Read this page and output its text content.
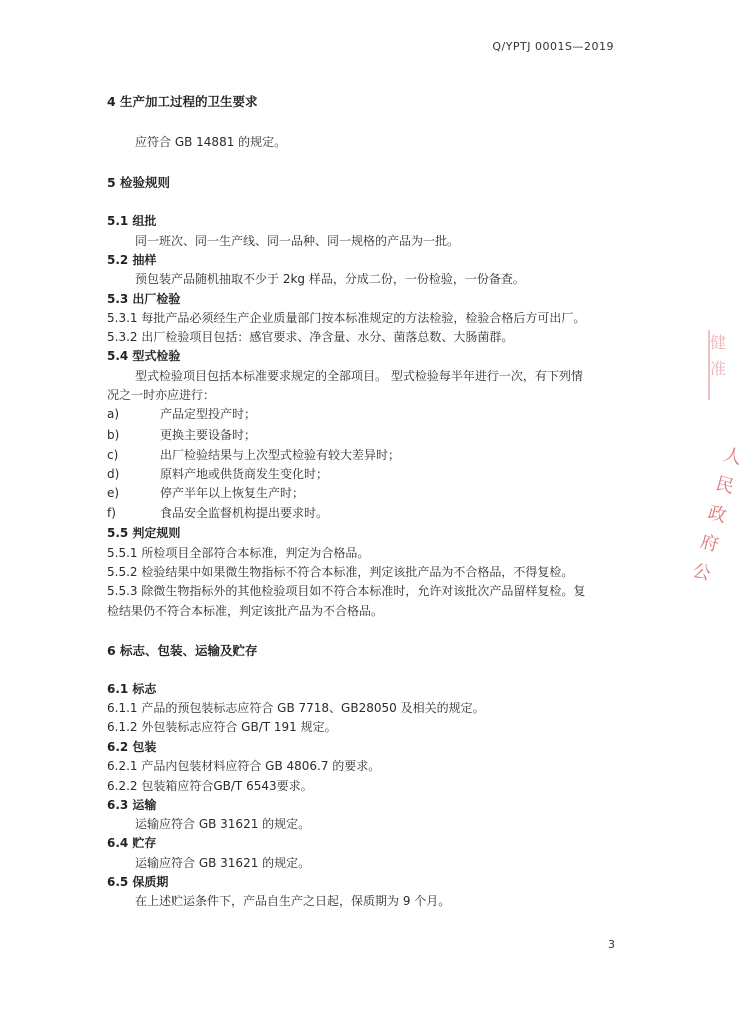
Q/YPTJ 0001S—2019
4 生产加工过程的卫生要求
应符合 GB 14881 的规定。
5 检验规则
5.1 组批
同一班次、同一生产线、同一品种、同一规格的产品为一批。
5.2 抽样
预包装产品随机抽取不少于 2kg 样品，分成二份，一份检验，一份备查。
5.3 出厂检验
5.3.1 每批产品必须经生产企业质量部门按本标准规定的方法检验，检验合格后方可出厂。
5.3.2 出厂检验项目包括：感官要求、净含量、水分、菌落总数、大肠菌群。
5.4 型式检验
型式检验项目包括本标准要求规定的全部项目。 型式检验每半年进行一次，有下列情
况之一时亦应进行：
a)	产品定型投产时；
b)	更换主要设备时；
c)	出厂检验结果与上次型式检验有较大差异时；
d)	原料产地或供货商发生变化时；
e)	停产半年以上恢复生产时；
f)	食品安全监督机构提出要求时。
5.5 判定规则
5.5.1 所检项目全部符合本标准，判定为合格品。
5.5.2 检验结果中如果微生物指标不符合本标准，判定该批产品为不合格品，不得复检。
5.5.3 除微生物指标外的其他检验项目如不符合本标准时，允许对该批次产品留样复检。复
检结果仍不符合本标准，判定该批产品为不合格品。
6 标志、包装、运输及贮存
6.1 标志
6.1.1 产品的预包装标志应符合 GB 7718、GB28050 及相关的规定。
6.1.2 外包装标志应符合 GB/T 191 规定。
6.2 包装
6.2.1 产品内包装材料应符合 GB 4806.7 的要求。
6.2.2 包装箱应符合GB/T 6543要求。
6.3 运输
运输应符合 GB 31621 的规定。
6.4 贮存
运输应符合 GB 31621 的规定。
6.5 保质期
在上述贮运条件下，产品自生产之日起，保质期为 9 个月。
3
健准
人民政府公
